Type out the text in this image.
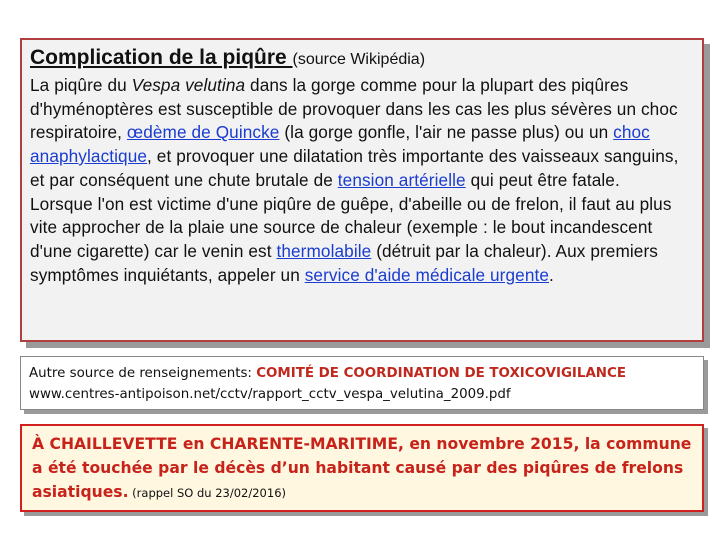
Complication de la piqûre (source Wikipédia)
La piqûre du Vespa velutina dans la gorge comme pour la plupart des piqûres d'hyménoptères est susceptible de provoquer dans les cas les plus sévères un choc respiratoire, œdème de Quincke (la gorge gonfle, l'air ne passe plus) ou un choc anaphylactique, et provoquer une dilatation très importante des vaisseaux sanguins, et par conséquent une chute brutale de tension artérielle qui peut être fatale.
Lorsque l'on est victime d'une piqûre de guêpe, d'abeille ou de frelon, il faut au plus vite approcher de la plaie une source de chaleur (exemple : le bout incandescent d'une cigarette) car le venin est thermolabile (détruit par la chaleur). Aux premiers symptômes inquiétants, appeler un service d'aide médicale urgente.
Autre source de renseignements: COMITÉ DE COORDINATION DE TOXICOVIGILANCE
www.centres-antipoison.net/cctv/rapport_cctv_vespa_velutina_2009.pdf
À CHAILLEVETTE en CHARENTE-MARITIME, en novembre 2015, la commune a été touchée par le décès d’un habitant causé par des piqûres de frelons asiatiques. (rappel SO du 23/02/2016)
